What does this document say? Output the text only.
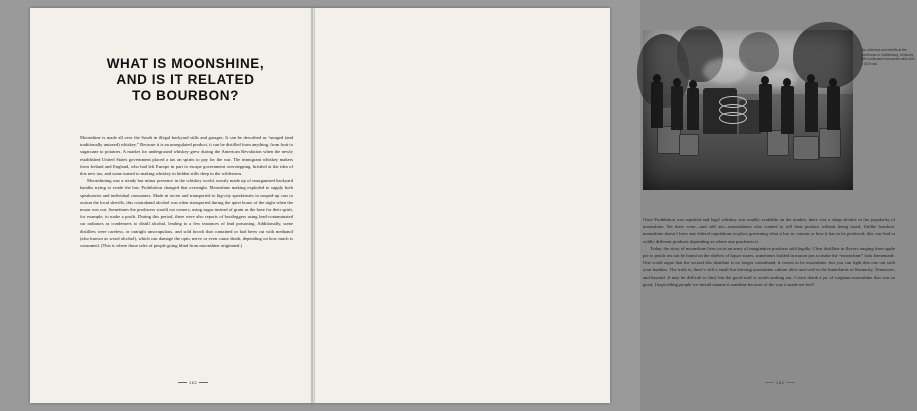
WHAT IS MOONSHINE,
AND IS IT RELATED
TO BOURBON?

Moonshine is made all over the South in illegal backyard stills and garages. It can be described as “unaged (and traditionally untaxed) whiskey.” Because it is an unregulated product, it can be distilled from anything, from fruit to sugarcane to potatoes. A market for underground whiskey grew during the American Revolution when the newly established United States government placed a tax on spirits to pay for the war. The immigrant whiskey makers from Ireland and England, who had left Europe in part to escape government overstepping, bristled at the idea of this new tax, and some turned to making whiskey in hidden stills deep in the wilderness.

Moonshining was a steady but minor presence in the whiskey world, mostly made up of unorganized backyard bandits trying to evade the law. Prohibition changed that overnight. Moonshine making exploded to supply both speakeasies and individual consumers. Made in secret and transported to big-city speakeasies in souped-up cars to outrun the local sheriffs, this contraband alcohol was often transported during the quiet hours of the night when the moon was out. Sometimes the producers would cut corners, using sugar instead of grain as the base for their spirit, for example, to make a profit. During this period, there were also reports of bootleggers using lead-contaminated car radiators as condensers to distill alcohol, leading to a few instances of lead poisoning. Additionally, some distillers were careless, or outright unscrupulous, and sold hooch that contained or had been cut with methanol (also known as wood alcohol), which can damage the optic nerve or even cause death, depending on how much is consumed. (This is where those tales of people going blind from moonshine originated.)

182
Tax collectors and sheriffs at the courthouse in Catlettsburg, Kentucky, with confiscated moonshine stills from a 1920 raid.

Once Prohibition was repealed and legal whiskey was readily available on the market, there was a sharp decline in the popularity of moonshine. Yet there were—and still are—moonshiners who wanted to sell their product without being taxed. Unlike bourbon, moonshine doesn’t have any federal regulations in place governing what it has to contain or how it has to be produced; this can lead to wildly different products depending on where one purchases it.

Today, the story of moonshine lives on in an army of imaginative products sold legally. Clear distillate in flavors ranging from apple pie to peach tea can be found on the shelves of liquor stores, sometimes bottled in mason jars to make the “moonshine” look homemade. One could argue that the second this distillate is no longer contraband, it ceases to be moonshine, but you can fight that one out with your buddies. The truth is, there’s still a small but thriving moonshine culture alive and well in the hinterlands of Kentucky, Tennessee, and beyond. It may be difficult to find, but the good stuff is worth seeking out. I once drank a jar of sorghum moonshine that was so good, I kept telling people we should rename it sunshine because of the way it made me feel!

183
